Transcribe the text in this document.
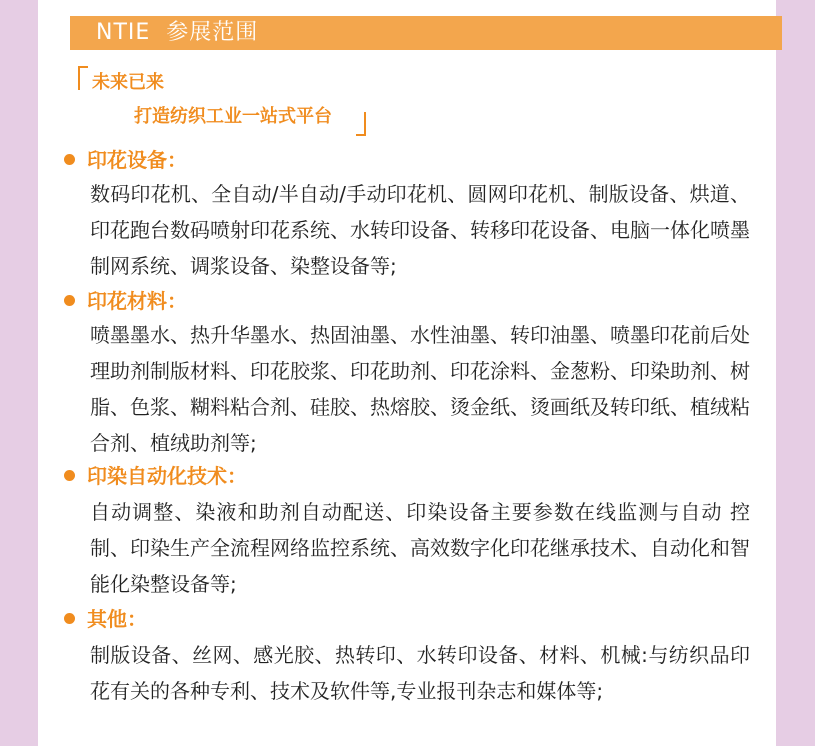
NTIE  参展范围
未来已来
打造纺织工业一站式平台
印花设备：
数码印花机、全自动/半自动/手动印花机、圆网印花机、制版设备、烘道、印花跑台数码喷射印花系统、水转印设备、转移印花设备、电脑一体化喷墨制网系统、调浆设备、染整设备等;
印花材料：
喷墨墨水、热升华墨水、热固油墨、水性油墨、转印油墨、喷墨印花前后处理助剂制版材料、印花胶浆、印花助剂、印花涂料、金葱粉、印染助剂、树脂、色浆、糊料粘合剂、硅胶、热熔胶、烫金纸、烫画纸及转印纸、植绒粘合剂、植绒助剂等;
印染自动化技术：
自动调整、染液和助剂自动配送、印染设备主要参数在线监测与自动 控制、印染生产全流程网络监控系统、高效数字化印花继承技术、自动化和智能化染整设备等;
其他：
制版设备、丝网、感光胶、热转印、水转印设备、材料、机械:与纺织品印花有关的各种专利、技术及软件等,专业报刊杂志和媒体等;
